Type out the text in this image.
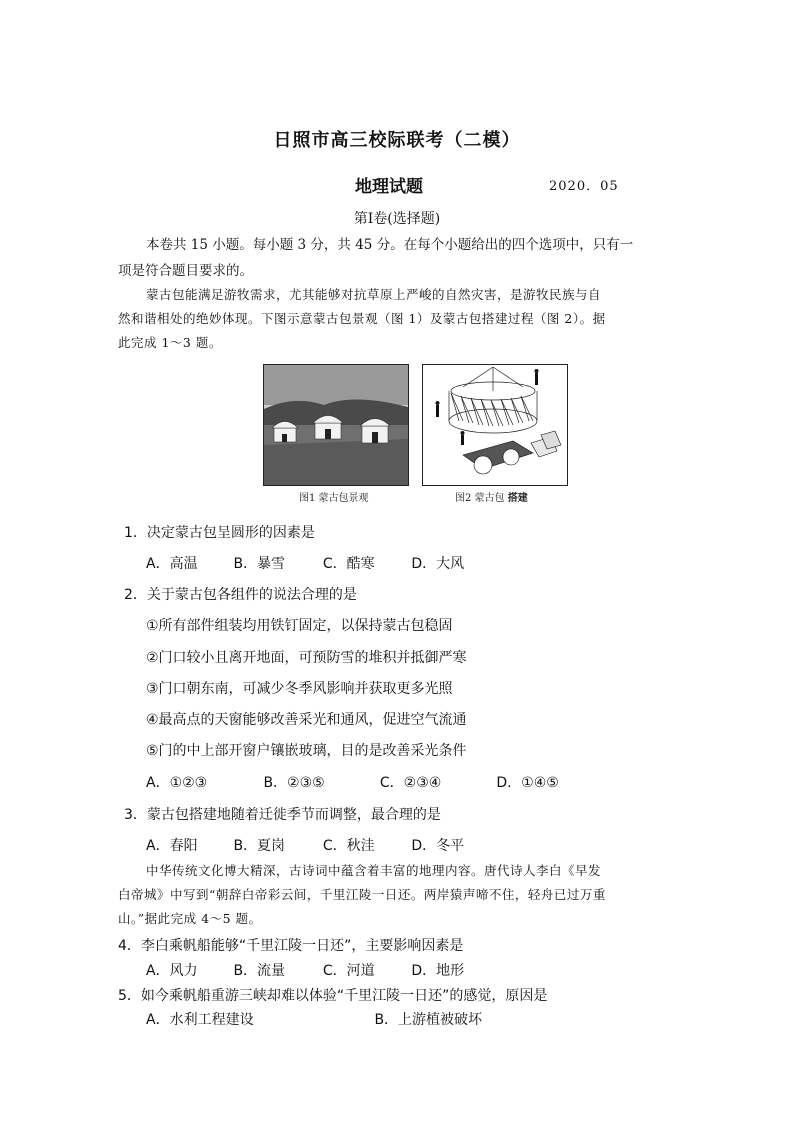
日照市高三校际联考（二模）
地理试题	2020．05
第Ⅰ卷(选择题)

本卷共 15 小题。每小题 3 分，共 45 分。在每个小题给出的四个选项中，只有一

项是符合题目要求的。

蒙古包能满足游牧需求，尤其能够对抗草原上严峻的自然灾害，是游牧民族与自

然和谐相处的绝妙体现。下图示意蒙古包景观（图 1）及蒙古包搭建过程（图 2）。据

此完成 1～3 题。

图1 蒙古包景观	图2 蒙古包 搭建
1．决定蒙古包呈圆形的因素是
A．高温	B．暴雪	C．酷寒	D．大风
2．关于蒙古包各组件的说法合理的是
①所有部件组装均用铁钉固定，以保持蒙古包稳固
②门口较小且离开地面，可预防雪的堆积并抵御严寒
③门口朝东南，可减少冬季风影响并获取更多光照
④最高点的天窗能够改善采光和通风，促进空气流通
⑤门的中上部开窗户镶嵌玻璃，目的是改善采光条件
A．①②③	B．②③⑤	C．②③④	D．①④⑤
3．蒙古包搭建地随着迁徙季节而调整，最合理的是
A．春阳	B．夏岗	C．秋洼	D．冬平

中华传统文化博大精深，古诗词中蕴含着丰富的地理内容。唐代诗人李白《早发

白帝城》中写到“朝辞白帝彩云间，千里江陵一日还。两岸猿声啼不住，轻舟已过万重

山。”据此完成 4～5 题。

4．李白乘帆船能够“千里江陵一日还”，主要影响因素是
A．风力	B．流量	C．河道	D．地形
5．如今乘帆船重游三峡却难以体验“千里江陵一日还”的感觉，原因是
A．水利工程建设	B．上游植被破坏
